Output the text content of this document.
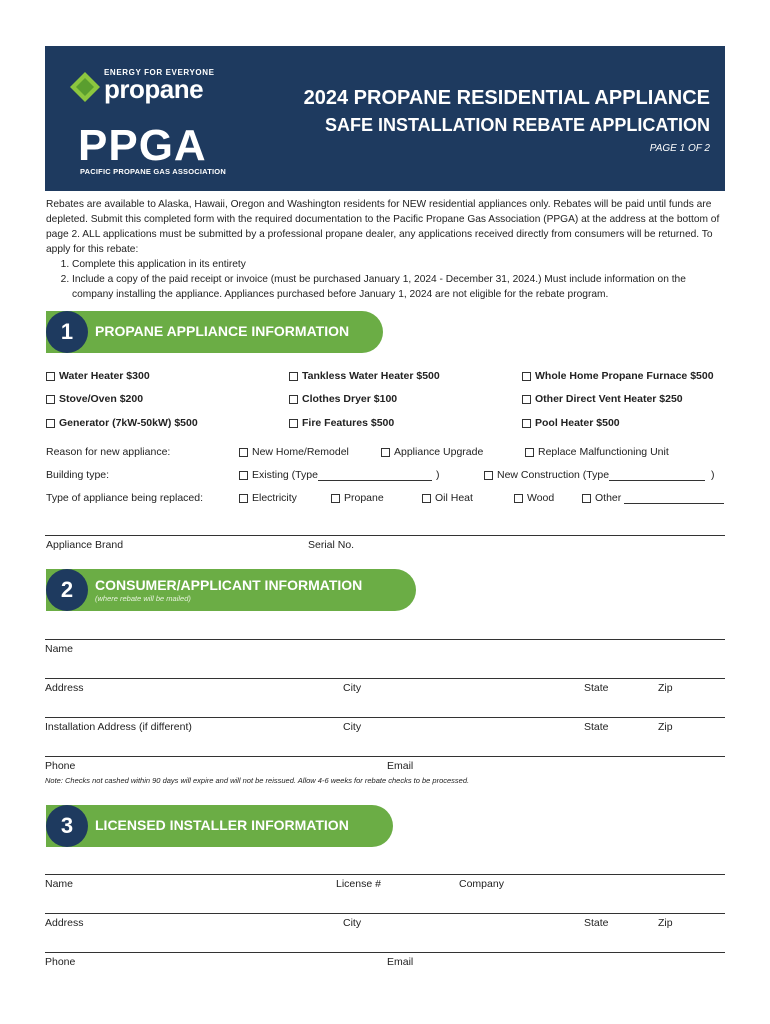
ENERGY FOR EVERYONE
propane
PPGA
PACIFIC PROPANE GAS ASSOCIATION
2024 PROPANE RESIDENTIAL APPLIANCE
SAFE INSTALLATION REBATE APPLICATION
PAGE 1 OF 2

Rebates are available to Alaska, Hawaii, Oregon and Washington residents for NEW residential appliances only. Rebates will be paid until funds are depleted. Submit this completed form with the required documentation to the Pacific Propane Gas Association (PPGA) at the address at the bottom of page 2. ALL applications must be submitted by a professional propane dealer, any applications received directly from consumers will be returned. To apply for this rebate:

1. Complete this application in its entirety
2. Include a copy of the paid receipt or invoice (must be purchased January 1, 2024 - December 31, 2024.) Must include information on the company installing the appliance. Appliances purchased before January 1, 2024 are not eligible for the rebate program.
1	PROPANE APPLIANCE INFORMATION
Water Heater $300	Tankless Water Heater $500	Whole Home Propane Furnace $500
Stove/Oven $200	Clothes Dryer $100	Other Direct Vent Heater $250
Generator (7kW-50kW) $500	Fire Features $500	Pool Heater $500
Reason for new appliance:	New Home/Remodel	Appliance Upgrade	Replace Malfunctioning Unit
Building type:	Existing (Type	)	New Construction (Type	)
Type of appliance being replaced:	Electricity	Propane	Oil Heat	Wood	Other
Appliance Brand	Serial No.
2	CONSUMER/APPLICANT INFORMATION
(where rebate will be mailed)
Name
Address	City	State	Zip
Installation Address (if different)	City	State	Zip
Phone	Email
Note: Checks not cashed within 90 days will expire and will not be reissued. Allow 4-6 weeks for rebate checks to be processed.
3	LICENSED INSTALLER INFORMATION
Name	License #	Company
Address	City	State	Zip
Phone	Email
